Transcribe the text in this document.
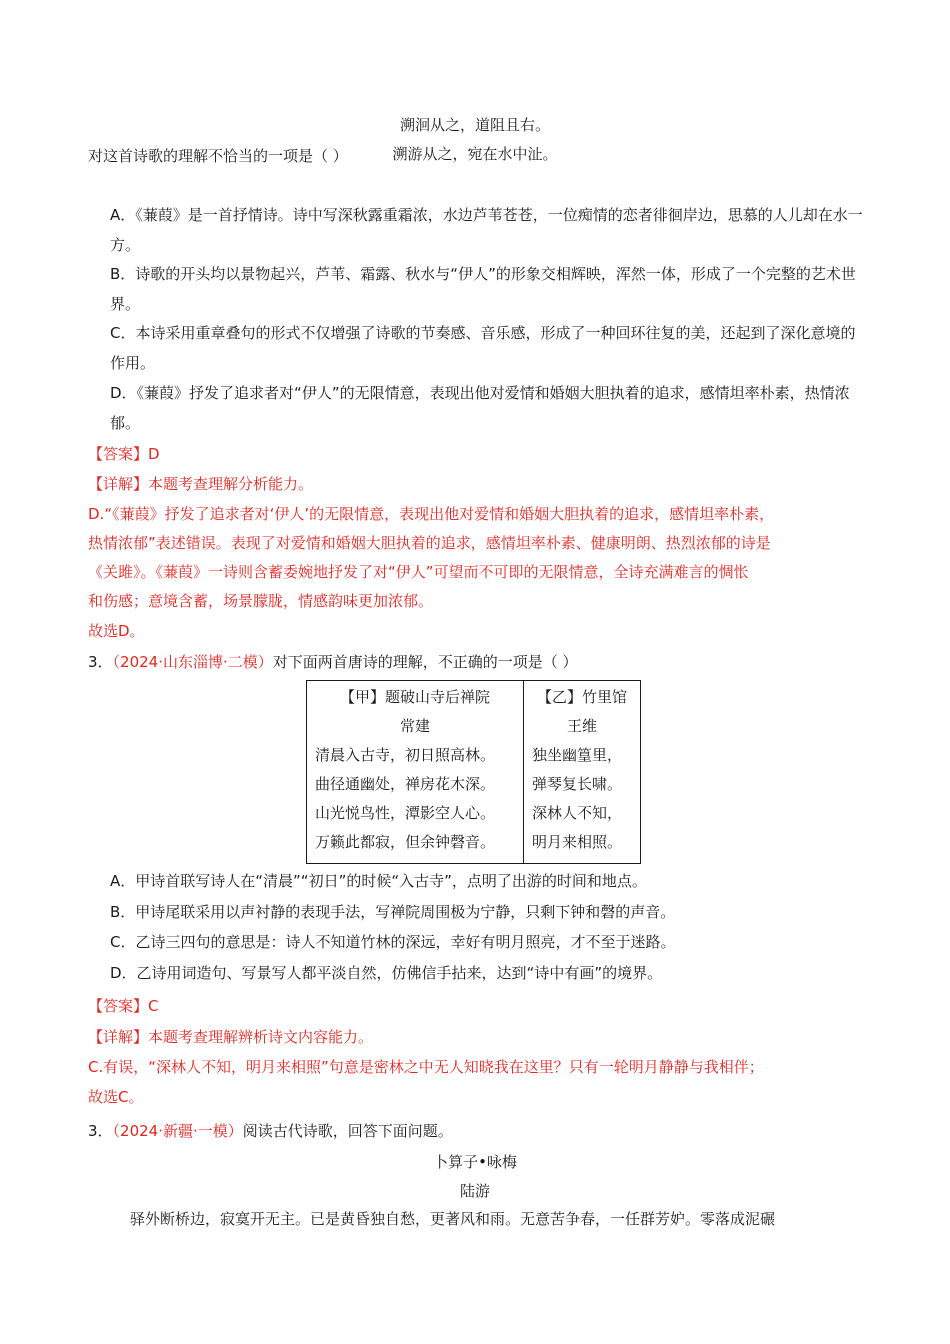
溯洄从之，道阻且右。
溯游从之，宛在水中沚。
对这首诗歌的理解不恰当的一项是（ ）
A．《蒹葭》是一首抒情诗。诗中写深秋露重霜浓，水边芦苇苍苍，一位痴情的恋者徘徊岸边，思慕的人儿却在水一方。
B．诗歌的开头均以景物起兴，芦苇、霜露、秋水与“伊人”的形象交相辉映，浑然一体，形成了一个完整的艺术世界。
C．本诗采用重章叠句的形式不仅增强了诗歌的节奏感、音乐感，形成了一种回环往复的美，还起到了深化意境的作用。
D．《蒹葭》抒发了追求者对“伊人”的无限情意，表现出他对爱情和婚姻大胆执着的追求，感情坦率朴素，热情浓郁。
【答案】D
【详解】本题考查理解分析能力。
D.“《蒹葭》抒发了追求者对‘伊人’的无限情意，表现出他对爱情和婚姻大胆执着的追求，感情坦率朴素，
热情浓郁”表述错误。表现了对爱情和婚姻大胆执着的追求，感情坦率朴素、健康明朗、热烈浓郁的诗是
《关雎》。《蒹葭》一诗则含蓄委婉地抒发了对“伊人”可望而不可即的无限情意，全诗充满难言的惆怅
和伤感；意境含蓄，场景朦胧，情感韵味更加浓郁。
故选D。
3．（2024·山东淄博·二模）对下面两首唐诗的理解，不正确的一项是（ ）
【甲】题破山寺后禅院
常建
清晨入古寺，初日照高林。
曲径通幽处，禅房花木深。
山光悦鸟性，潭影空人心。
万籁此都寂，但余钟磬音。

【乙】竹里馆
王维
独坐幽篁里，
弹琴复长啸。
深林人不知，
明月来相照。
A．甲诗首联写诗人在“清晨”“初日”的时候“入古寺”，点明了出游的时间和地点。
B．甲诗尾联采用以声衬静的表现手法，写禅院周围极为宁静，只剩下钟和磬的声音。
C．乙诗三四句的意思是：诗人不知道竹林的深远，幸好有明月照亮，才不至于迷路。
D．乙诗用词造句、写景写人都平淡自然，仿佛信手拈来，达到“诗中有画”的境界。
【答案】C
【详解】本题考查理解辨析诗文内容能力。
C.有误，“深林人不知，明月来相照”句意是密林之中无人知晓我在这里？只有一轮明月静静与我相伴；
故选C。
3．（2024·新疆·一模）阅读古代诗歌，回答下面问题。
卜算子•咏梅
陆游
驿外断桥边，寂寞开无主。已是黄昏独自愁，更著风和雨。无意苦争春，一任群芳妒。零落成泥碾
